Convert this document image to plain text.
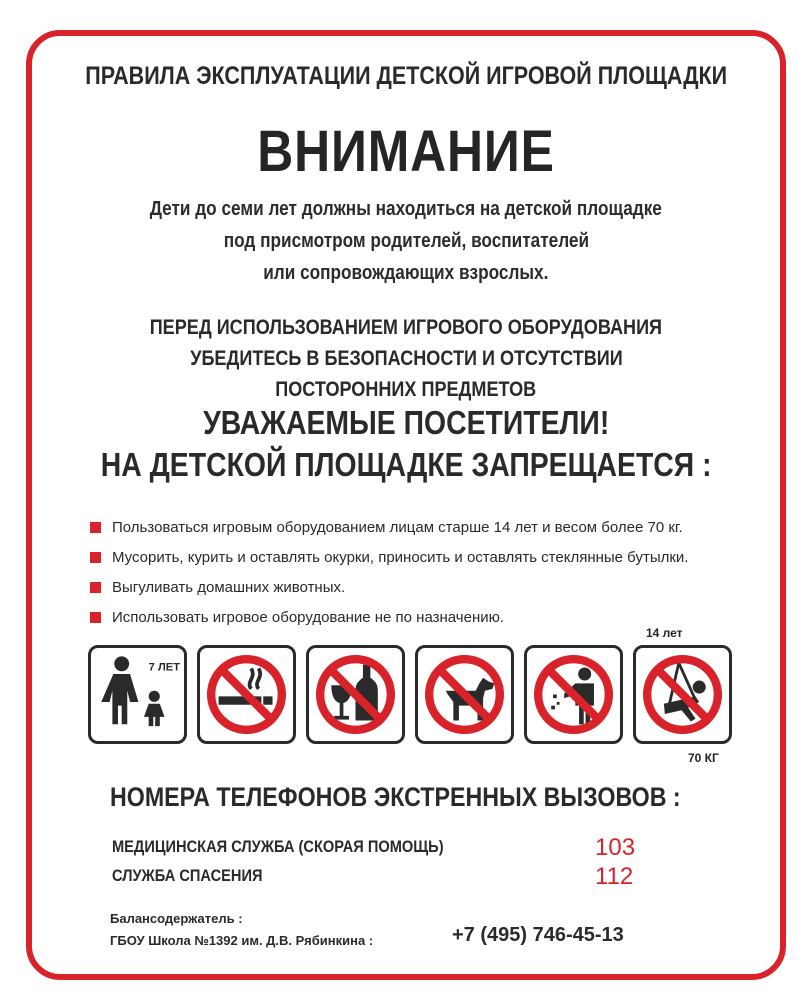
ПРАВИЛА ЭКСПЛУАТАЦИИ ДЕТСКОЙ ИГРОВОЙ ПЛОЩАДКИ
ВНИМАНИЕ
Дети до семи лет должны находиться на детской площадке
под присмотром родителей, воспитателей
или сопровождающих взрослых.
ПЕРЕД ИСПОЛЬЗОВАНИЕМ ИГРОВОГО ОБОРУДОВАНИЯ
УБЕДИТЕСЬ В БЕЗОПАСНОСТИ И ОТСУТСТВИИ
ПОСТОРОННИХ ПРЕДМЕТОВ
УВАЖАЕМЫЕ ПОСЕТИТЕЛИ!
НА ДЕТСКОЙ ПЛОЩАДКЕ ЗАПРЕЩАЕТСЯ :
Пользоваться игровым оборудованием лицам старше 14 лет и весом более 70 кг.
Мусорить, курить и оставлять окурки, приносить и оставлять стеклянные бутылки.
Выгуливать домашних животных.
Использовать игровое оборудование не по назначению.
14 лет
7 ЛЕТ
70 КГ
НОМЕРА ТЕЛЕФОНОВ ЭКСТРЕННЫХ ВЫЗОВОВ :
МЕДИЦИНСКАЯ СЛУЖБА (СКОРАЯ ПОМОЩЬ)	103
СЛУЖБА СПАСЕНИЯ	112
Балансодержатель :
ГБОУ Школа №1392 им. Д.В. Рябинкина :	+7 (495) 746-45-13
